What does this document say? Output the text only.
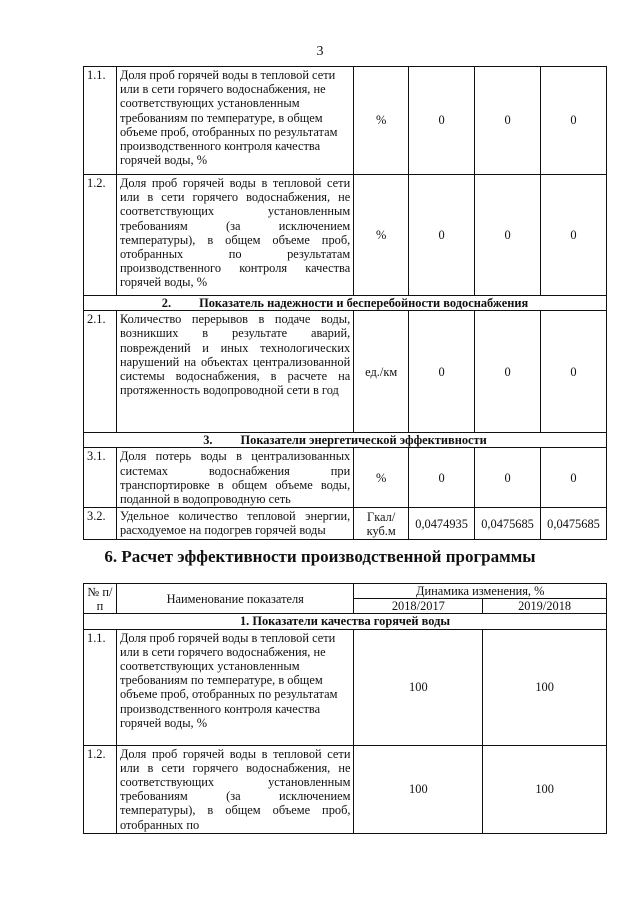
3
1.1.	Доля проб горячей воды в тепловой сети или в сети горячего водоснабжения, не соответствующих установленным требованиям по температуре, в общем объеме проб, отобранных по результатам производственного контроля качества горячей воды, %	%	0	0	0
1.2.	Доля проб горячей воды в тепловой сети или в сети горячего водоснабжения, не соответствующих установленным требованиям (за исключением температуры), в общем объеме проб, отобранных по результатам производственного контроля качества горячей воды, %	%	0	0	0
2. Показатель надежности и бесперебойности водоснабжения					
2.1.	Количество перерывов в подаче воды, возникших в результате аварий, повреждений и иных технологических нарушений на объектах централизованной системы водоснабжения, в расчете на протяженность водопроводной сети в год	ед./км	0	0	0
3. Показатели энергетической эффективности					
3.1.	Доля потерь воды в централизованных системах водоснабжения при транспортировке в общем объеме воды, поданной в водопроводную сеть	%	0	0	0
3.2.	Удельное количество тепловой энергии, расходуемое на подогрев горячей воды	Гкал/ куб.м	0,0474935	0,0475685	0,0475685
6. Расчет эффективности производственной программы
№ п/п	Наименование показателя	Динамика изменения, %	
		2018/2017	2019/2018
1. Показатели качества горячей воды			
1.1.	Доля проб горячей воды в тепловой сети или в сети горячего водоснабжения, не соответствующих установленным требованиям по температуре, в общем объеме проб, отобранных по результатам производственного контроля качества горячей воды, %	100	100
1.2.	Доля проб горячей воды в тепловой сети или в сети горячего водоснабжения, не соответствующих установленным требованиям (за исключением температуры), в общем объеме проб, отобранных по	100	100
